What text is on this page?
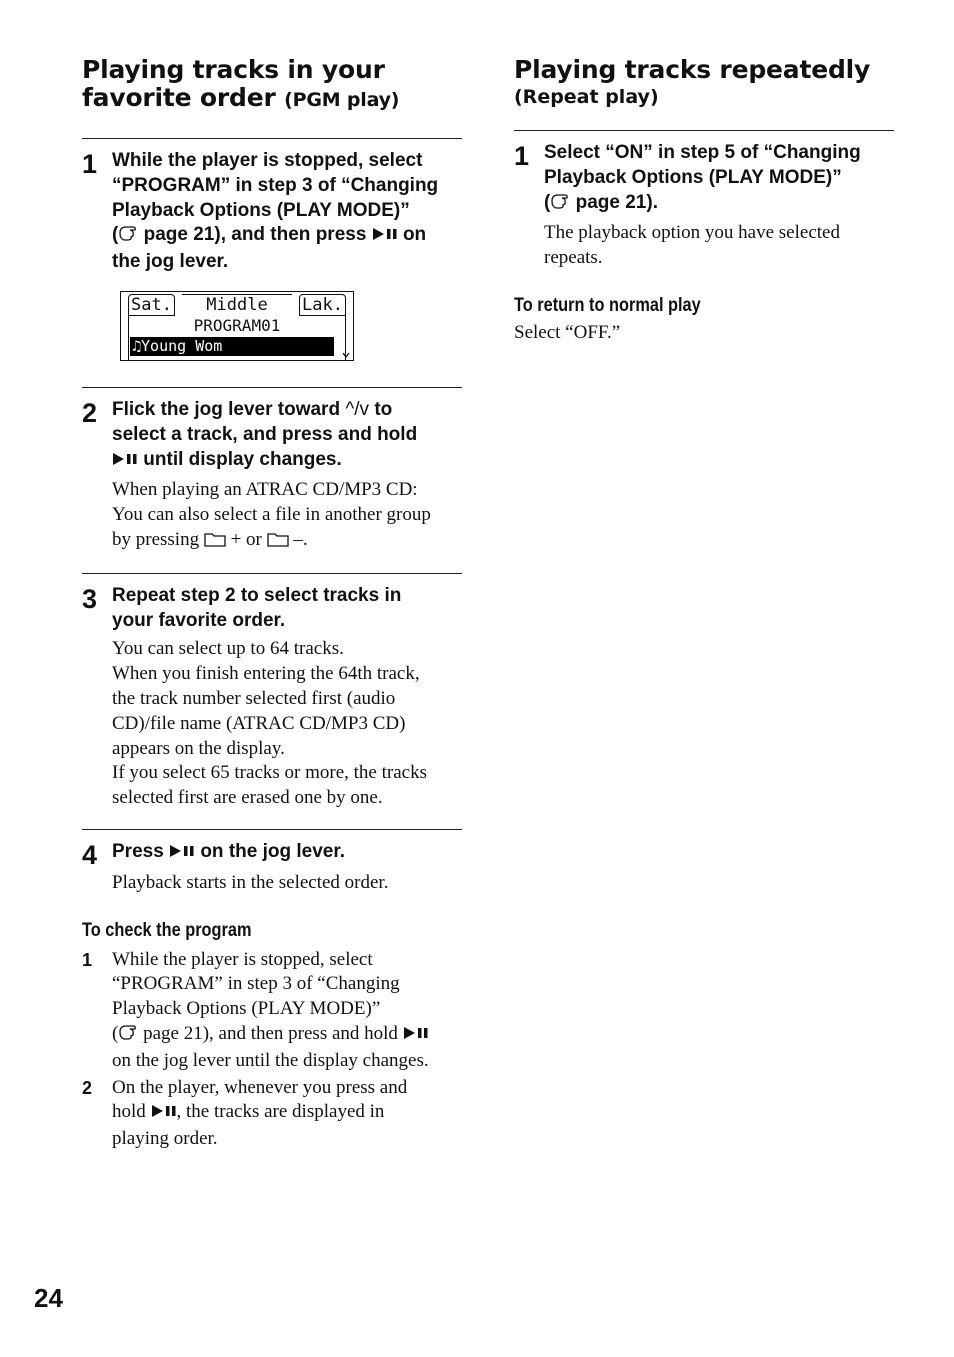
Playing tracks in your favorite order (PGM play)
1 While the player is stopped, select
“PROGRAM” in step 3 of “Changing
Playback Options (PLAY MODE)”
( page 21), and then press  on
the jog lever.

Sat.	Middle	Lak.
PROGRAM01
♫Young Wom
2 Flick the jog lever toward ^/v to
select a track, and press and hold
until display changes.

When playing an ATRAC CD/MP3 CD:
You can also select a file in another group
by pressing  + or  –.

3 Repeat step 2 to select tracks in
your favorite order.

You can select up to 64 tracks.
When you finish entering the 64th track,
the track number selected first (audio
CD)/file name (ATRAC CD/MP3 CD)
appears on the display.
If you select 65 tracks or more, the tracks
selected first are erased one by one.

4 Press  on the jog lever.

Playback starts in the selected order.

To check the program
1 While the player is stopped, select
“PROGRAM” in step 3 of “Changing
Playback Options (PLAY MODE)”
( page 21), and then press and hold
on the jog lever until the display changes.

2 On the player, whenever you press and
hold , the tracks are displayed in
playing order.

Playing tracks repeatedly
(Repeat play)
1 Select “ON” in step 5 of “Changing
Playback Options (PLAY MODE)”
( page 21).

The playback option you have selected
repeats.

To return to normal play

Select “OFF.”

24
